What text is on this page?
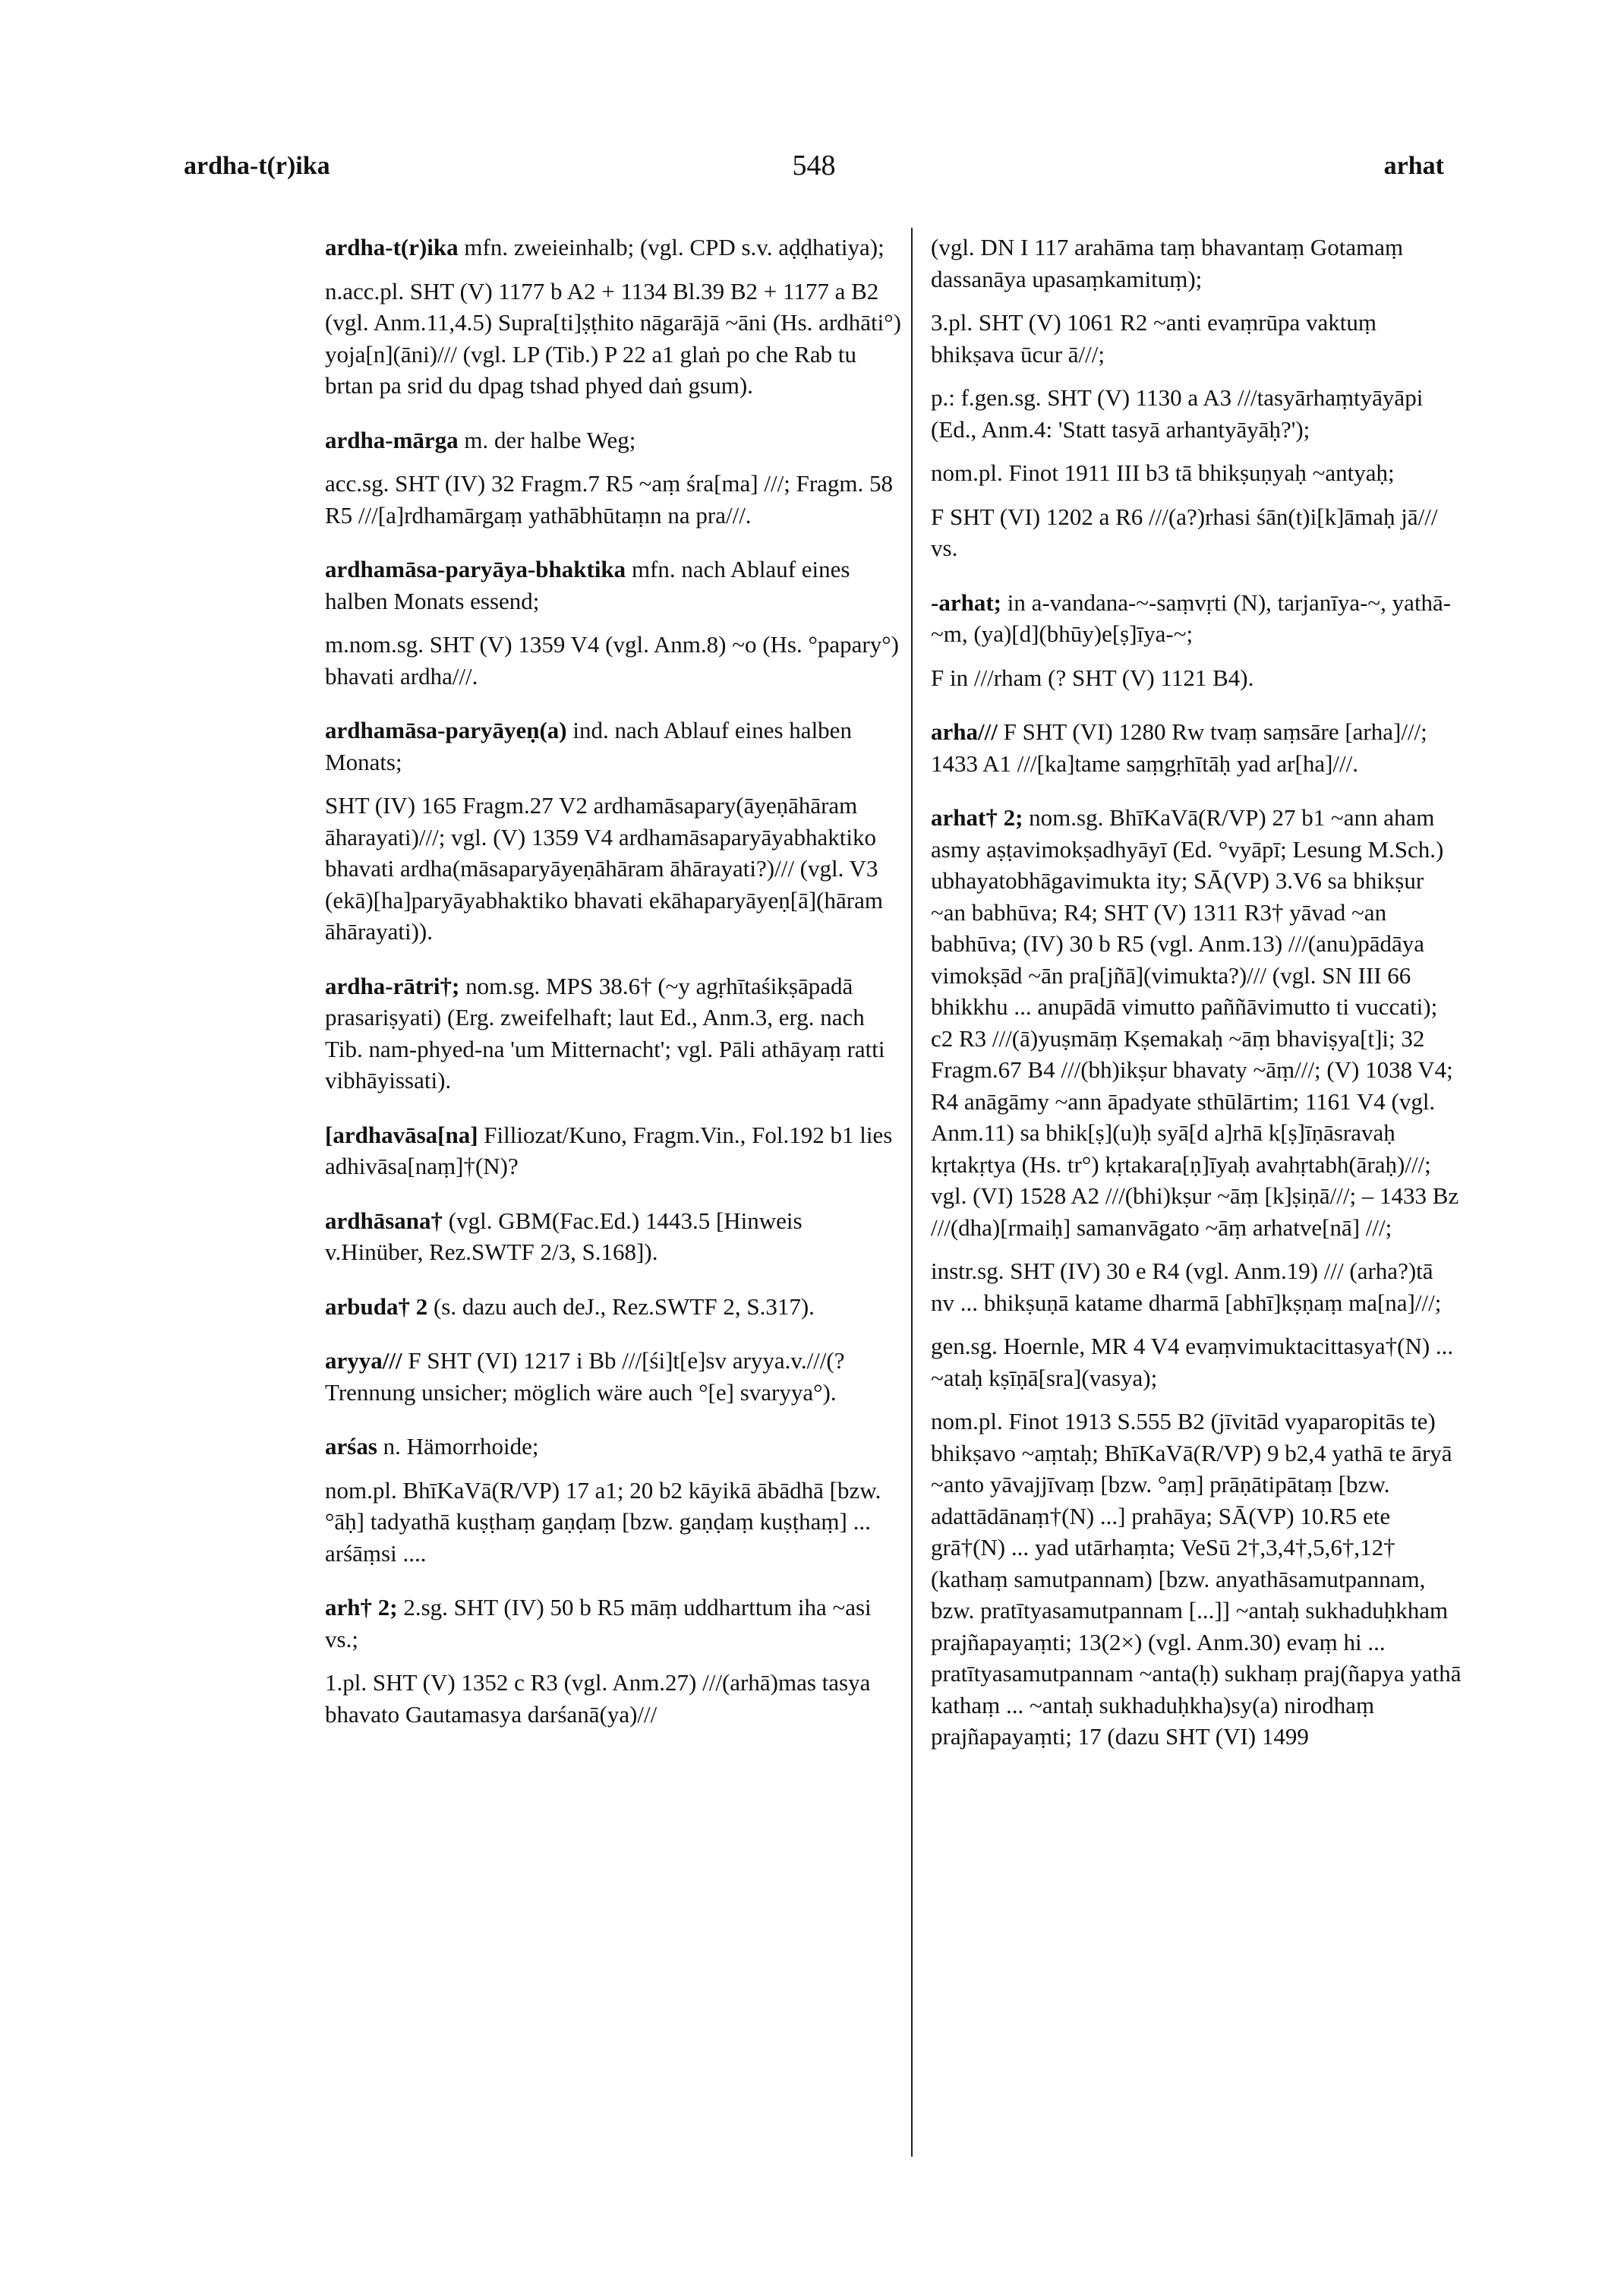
ardha-t(r)ika	548	arhat

ardha-t(r)ika mfn. zweieinhalb; (vgl. CPD s.v. aḍḍhatiya);

n.acc.pl. SHT (V) 1177 b A2 + 1134 Bl.39 B2 + 1177 a B2 (vgl. Anm.11,4.5) Supra[ti]ṣṭhito nāgarājā ~āni (Hs. ardhāti°) yoja[n](āni)/// (vgl. LP (Tib.) P 22 a1 glaṅ po che Rab tu brtan pa srid du dpag tshad phyed daṅ gsum).

ardha-mārga m. der halbe Weg;

acc.sg. SHT (IV) 32 Fragm.7 R5 ~aṃ śra[ma] ///; Fragm. 58 R5 ///[a]rdhamārgaṃ yathābhūtaṃn na pra///.

ardhamāsa-paryāya-bhaktika mfn. nach Ablauf eines halben Monats essend;

m.nom.sg. SHT (V) 1359 V4 (vgl. Anm.8) ~o (Hs. °papary°) bhavati ardha///.

ardhamāsa-paryāyeṇ(a) ind. nach Ablauf eines halben Monats;

SHT (IV) 165 Fragm.27 V2 ardhamāsapary(āyeṇāhāram āharayati)///; vgl. (V) 1359 V4 ardhamāsaparyāyabhaktiko bhavati ardha(māsaparyāyeṇāhāram āhārayati?)/// (vgl. V3 (ekā)[ha]paryāyabhaktiko bhavati ekāhaparyāyeṇ[ā](hāram āhārayati)).

ardha-rātri†; nom.sg. MPS 38.6† (~y agṛhītaśikṣāpadā prasariṣyati) (Erg. zweifelhaft; laut Ed., Anm.3, erg. nach Tib. nam-phyed-na 'um Mitternacht'; vgl. Pāli athāyaṃ ratti vibhāyissati).

[ardhavāsa[na] Filliozat/Kuno, Fragm.Vin., Fol.192 b1 lies adhivāsa[naṃ]†(N)?

ardhāsana† (vgl. GBM(Fac.Ed.) 1443.5 [Hinweis v.Hinüber, Rez.SWTF 2/3, S.168]).

arbuda† 2 (s. dazu auch deJ., Rez.SWTF 2, S.317).

aryya/// F SHT (VI) 1217 i Bb ///[śi]t[e]sv aryya.v.///(? Trennung unsicher; möglich wäre auch °[e] svaryya°).

arśas n. Hämorrhoide;

nom.pl. BhīKaVā(R/VP) 17 a1; 20 b2 kāyikā ābādhā [bzw. °āḥ] tadyathā kuṣṭhaṃ gaṇḍaṃ [bzw. gaṇḍaṃ kuṣṭhaṃ] ... arśāṃsi ....

arh† 2; 2.sg. SHT (IV) 50 b R5 māṃ uddharttum iha ~asi vs.;

1.pl. SHT (V) 1352 c R3 (vgl. Anm.27) ///(arhā)mas tasya bhavato Gautamasya darśanā(ya)///

(vgl. DN I 117 arahāma taṃ bhavantaṃ Gotamaṃ dassanāya upasaṃkamituṃ);

3.pl. SHT (V) 1061 R2 ~anti evaṃrūpa vaktuṃ bhikṣava ūcur ā///;

p.: f.gen.sg. SHT (V) 1130 a A3 ///tasyārhaṃtyāyāpi (Ed., Anm.4: 'Statt tasyā arhantyāyāḥ?');

nom.pl. Finot 1911 III b3 tā bhikṣuṇyaḥ ~antyaḥ;

F SHT (VI) 1202 a R6 ///(a?)rhasi śān(t)i[k]āmaḥ jā/// vs.

-arhat; in a-vandana-~-saṃvṛti (N), tarjanīya-~, yathā-~m, (ya)[d](bhūy)e[ṣ]īya-~;

F in ///rham (? SHT (V) 1121 B4).

arha/// F SHT (VI) 1280 Rw tvaṃ saṃsāre [arha]///; 1433 A1 ///[ka]tame saṃgṛhītāḥ yad ar[ha]///.

arhat† 2; nom.sg. BhīKaVā(R/VP) 27 b1 ~ann aham asmy aṣṭavimokṣadhyāyī (Ed. °vyāpī; Lesung M.Sch.) ubhayatobhāgavimukta ity; SĀ(VP) 3.V6 sa bhikṣur ~an babhūva; R4; SHT (V) 1311 R3† yāvad ~an babhūva; (IV) 30 b R5 (vgl. Anm.13) ///(anu)pādāya vimokṣād ~ān pra[jñā](vimukta?)/// (vgl. SN III 66 bhikkhu ... anupādā vimutto paññāvimutto ti vuccati); c2 R3 ///(ā)yuṣmāṃ Kṣemakaḥ ~āṃ bhaviṣya[t]i; 32 Fragm.67 B4 ///(bh)ikṣur bhavaty ~āṃ///; (V) 1038 V4; R4 anāgāmy ~ann āpadyate sthūlārtim; 1161 V4 (vgl. Anm.11) sa bhik[ṣ](u)ḥ syā[d a]rhā k[ṣ]īṇāsravaḥ kṛtakṛtya (Hs. tr°) kṛtakara[ṇ]īyaḥ avahṛtabh(āraḥ)///; vgl. (VI) 1528 A2 ///(bhi)kṣur ~āṃ [k]ṣiṇā///; – 1433 Bz ///(dha)[rmaiḥ] samanvāgato ~āṃ arhatve[nā] ///;

instr.sg. SHT (IV) 30 e R4 (vgl. Anm.19) /// (arha?)tā nv ... bhikṣuṇā katame dharmā [abhī]kṣṇaṃ ma[na]///;

gen.sg. Hoernle, MR 4 V4 evaṃvimuktacittasya†(N) ... ~ataḥ kṣīṇā[sra](vasya);

nom.pl. Finot 1913 S.555 B2 (jīvitād vyaparopitās te) bhikṣavo ~aṃtaḥ; BhīKaVā(R/VP) 9 b2,4 yathā te āryā ~anto yāvajjīvaṃ [bzw. °aṃ] prāṇātipātaṃ [bzw. adattādānaṃ†(N) ...] prahāya; SĀ(VP) 10.R5 ete grā†(N) ... yad utārhaṃta; VeSū 2†,3,4†,5,6†,12† (kathaṃ samutpannam) [bzw. anyathāsamutpannam, bzw. pratītyasamutpannam [...]] ~antaḥ sukhaduḥkham prajñapayaṃti; 13(2×) (vgl. Anm.30) evaṃ hi ... pratītyasamutpannam ~anta(ḥ) sukhaṃ praj(ñapya yathā kathaṃ ... ~antaḥ sukhaduḥkha)sy(a) nirodhaṃ prajñapayaṃti; 17 (dazu SHT (VI) 1499
